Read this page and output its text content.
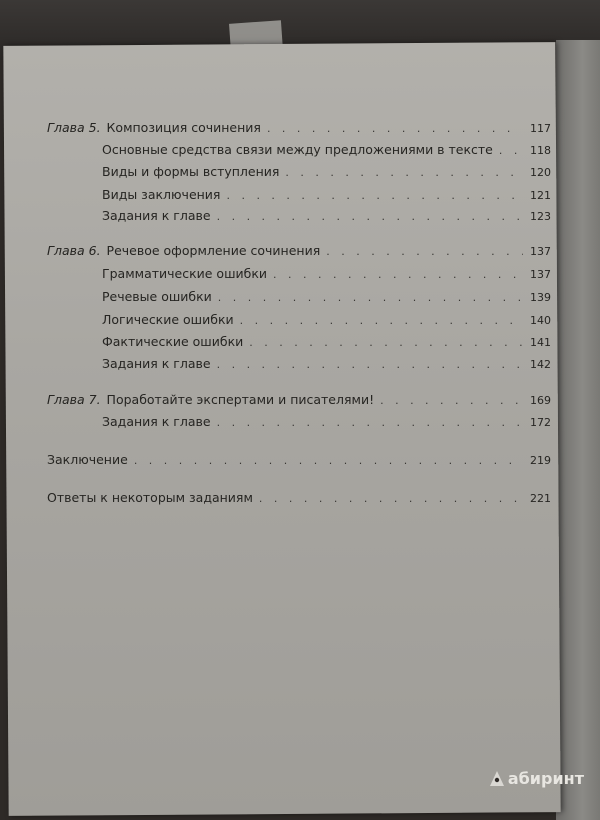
Глава 5. Композиция сочинения . . .	117
Основные средства связи между предложениями в тексте . . .	118
Виды и формы вступления . . .	120
Виды заключения . . .	121
Задания к главе . . .	123
Глава 6. Речевое оформление сочинения . . .	137
Грамматические ошибки . . .	137
Речевые ошибки . . .	139
Логические ошибки . . .	140
Фактические ошибки . . .	141
Задания к главе . . .	142
Глава 7. Поработайте экспертами и писателями! . . .	169
Задания к главе . . .	172
Заключение . . .	219
Ответы к некоторым заданиям . . .	221
абиринт
